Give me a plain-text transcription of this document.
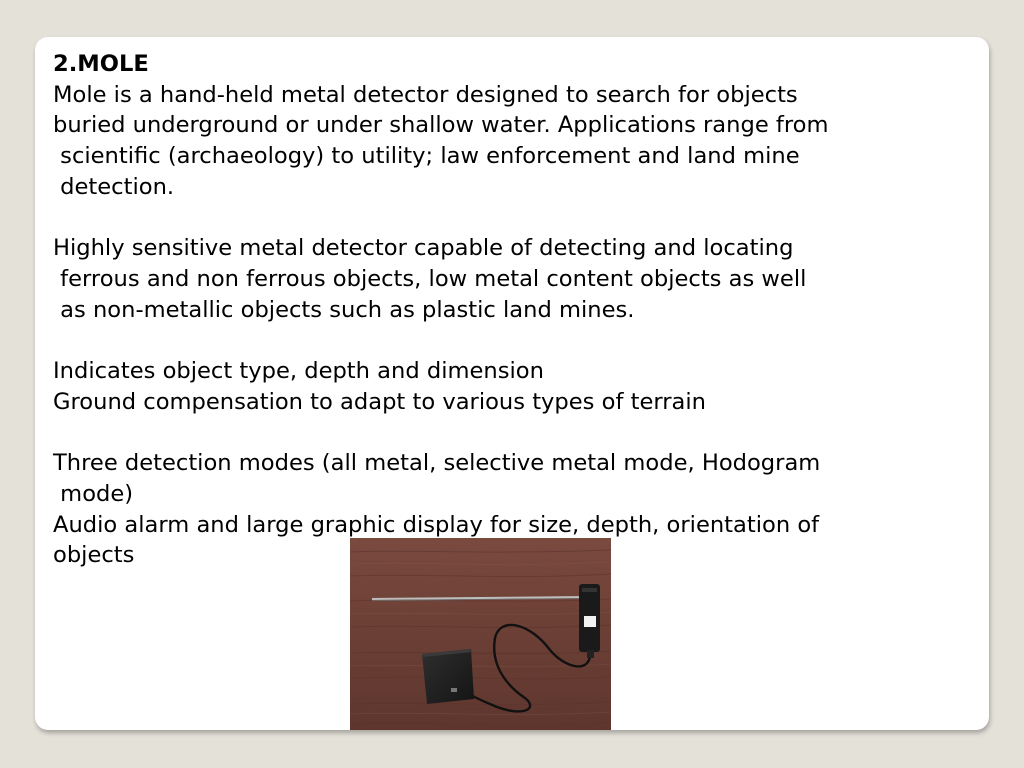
2.MOLE
Mole is a hand-held metal detector designed to search for objects
buried underground or under shallow water. Applications range from
scientific (archaeology) to utility; law enforcement and land mine
detection.
Highly sensitive metal detector capable of detecting and locating
ferrous and non ferrous objects, low metal content objects as well
as non-metallic objects such as plastic land mines.
Indicates object type, depth and dimension
Ground compensation to adapt to various types of terrain
Three detection modes (all metal, selective metal mode, Hodogram
mode)
Audio alarm and large graphic display for size, depth, orientation of
objects
